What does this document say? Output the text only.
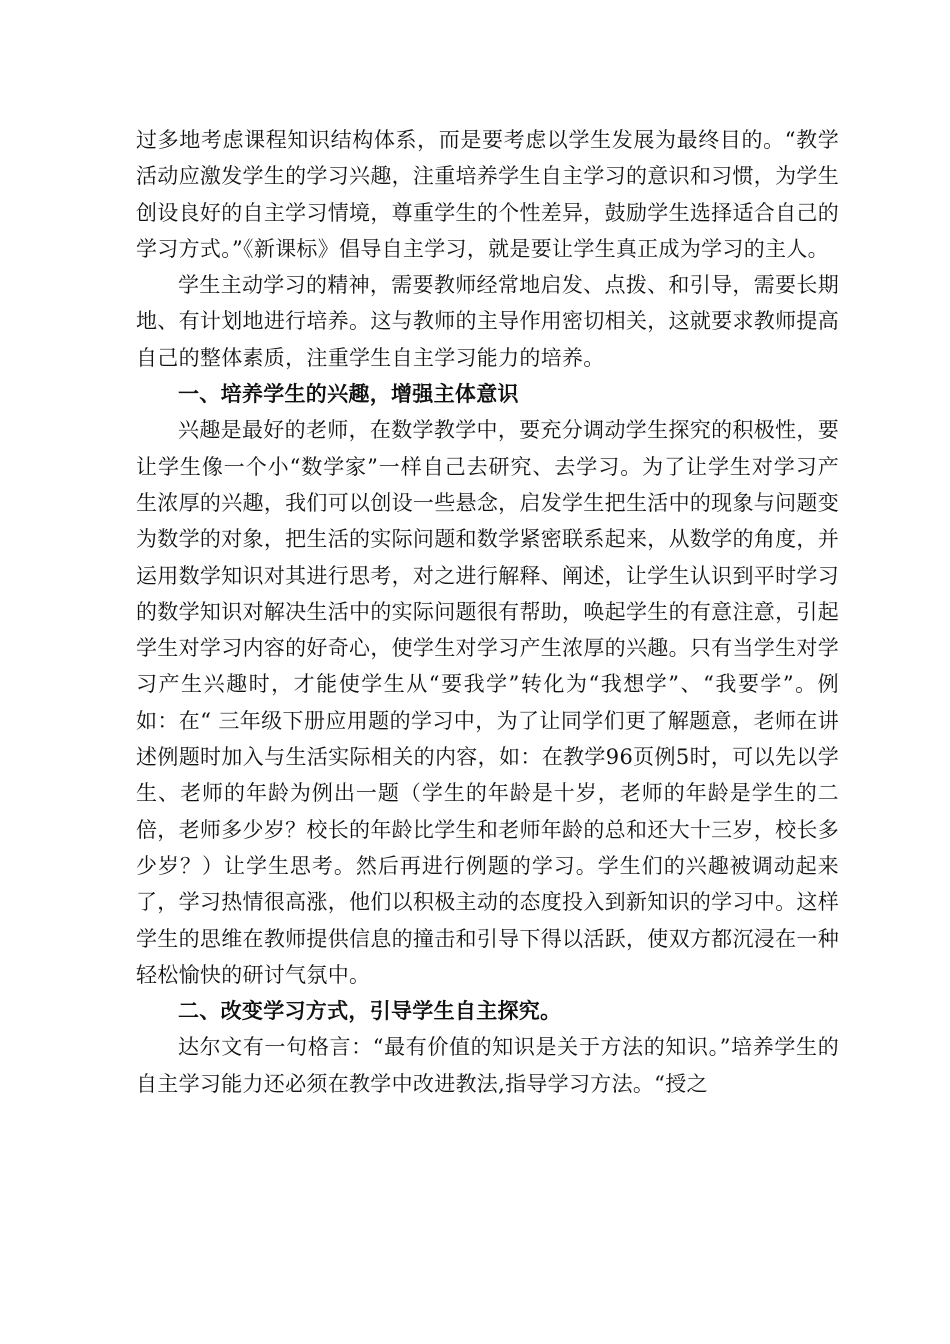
过多地考虑课程知识结构体系，而是要考虑以学生发展为最终目的。“教学活动应激发学生的学习兴趣，注重培养学生自主学习的意识和习惯，为学生创设良好的自主学习情境，尊重学生的个性差异，鼓励学生选择适合自己的学习方式。”《新课标》倡导自主学习，就是要让学生真正成为学习的主人。

学生主动学习的精神，需要教师经常地启发、点拨、和引导，需要长期地、有计划地进行培养。这与教师的主导作用密切相关，这就要求教师提高自己的整体素质，注重学生自主学习能力的培养。

一、培养学生的兴趣，增强主体意识

兴趣是最好的老师，在数学教学中，要充分调动学生探究的积极性，要让学生像一个小“数学家”一样自己去研究、去学习。为了让学生对学习产生浓厚的兴趣，我们可以创设一些悬念，启发学生把生活中的现象与问题变为数学的对象，把生活的实际问题和数学紧密联系起来，从数学的角度，并运用数学知识对其进行思考，对之进行解释、阐述，让学生认识到平时学习的数学知识对解决生活中的实际问题很有帮助，唤起学生的有意注意，引起学生对学习内容的好奇心，使学生对学习产生浓厚的兴趣。只有当学生对学习产生兴趣时，才能使学生从“要我学”转化为“我想学”、“我要学”。例如：在“ 三年级下册应用题的学习中，为了让同学们更了解题意，老师在讲述例题时加入与生活实际相关的内容，如：在教学96页例5时，可以先以学生、老师的年龄为例出一题（学生的年龄是十岁，老师的年龄是学生的二倍，老师多少岁？校长的年龄比学生和老师年龄的总和还大十三岁，校长多少岁？）让学生思考。然后再进行例题的学习。学生们的兴趣被调动起来了，学习热情很高涨，他们以积极主动的态度投入到新知识的学习中。这样学生的思维在教师提供信息的撞击和引导下得以活跃，使双方都沉浸在一种轻松愉快的研讨气氛中。

二、改变学习方式，引导学生自主探究。

达尔文有一句格言：“最有价值的知识是关于方法的知识。”培养学生的自主学习能力还必须在教学中改进教法,指导学习方法。“授之
